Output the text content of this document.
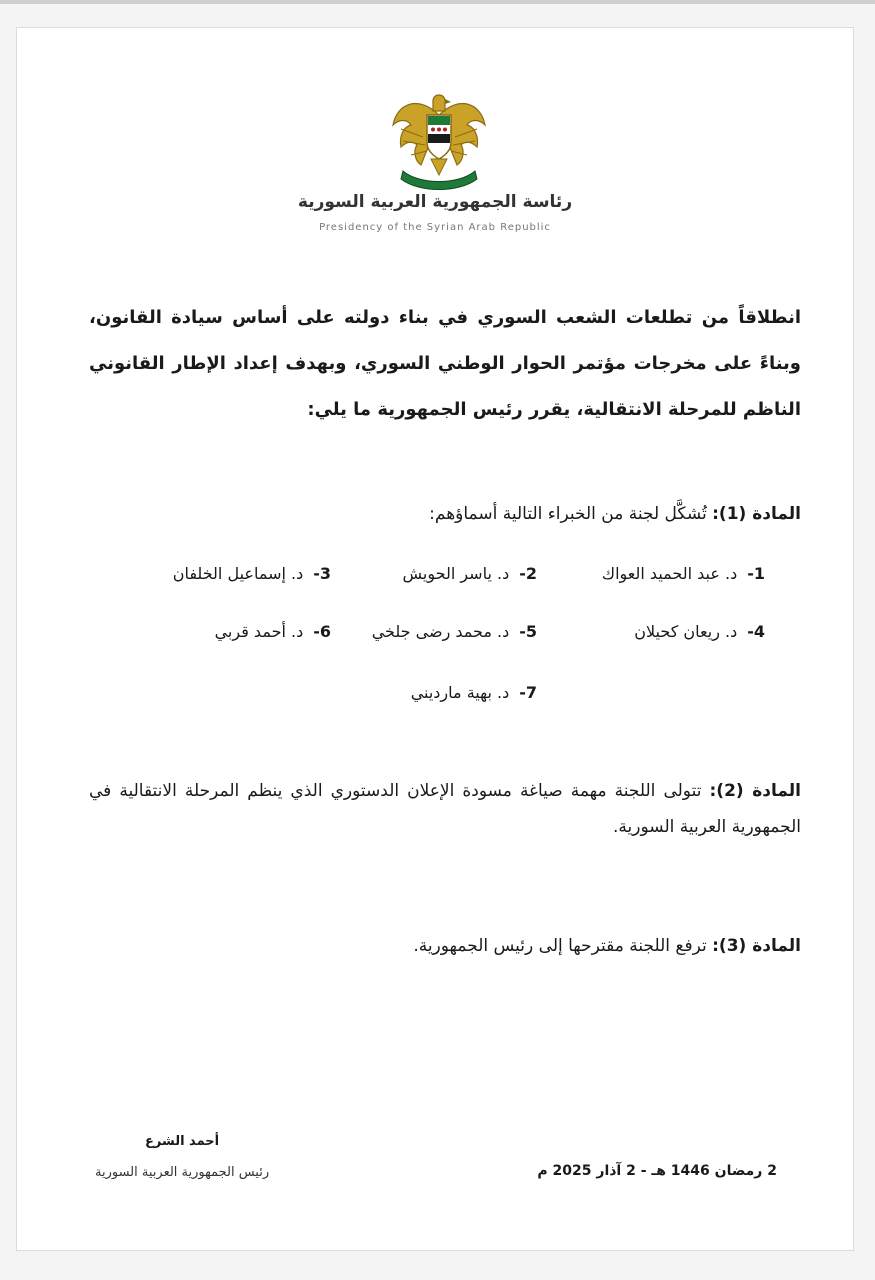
رئاسة الجمهورية العربية السورية
Presidency of the Syrian Arab Republic
انطلاقاً من تطلعات الشعب السوري في بناء دولته على أساس سيادة القانون، وبناءً على مخرجات مؤتمر الحوار الوطني السوري، وبهدف إعداد الإطار القانوني الناظم للمرحلة الانتقالية، يقرر رئيس الجمهورية ما يلي:
المادة (1): تُشكَّل لجنة من الخبراء التالية أسماؤهم:
1-د. عبد الحميد العواك
2-د. ياسر الحويش
3-د. إسماعيل الخلفان
4-د. ريعان كحيلان
5-د. محمد رضى جلخي
6-د. أحمد قربي
7-د. بهية مارديني
المادة (2): تتولى اللجنة مهمة صياغة مسودة الإعلان الدستوري الذي ينظم المرحلة الانتقالية في الجمهورية العربية السورية.
المادة (3): ترفع اللجنة مقترحها إلى رئيس الجمهورية.
2 رمضان 1446 هـ - 2 آذار 2025 م
أحمد الشرع
رئيس الجمهورية العربية السورية
